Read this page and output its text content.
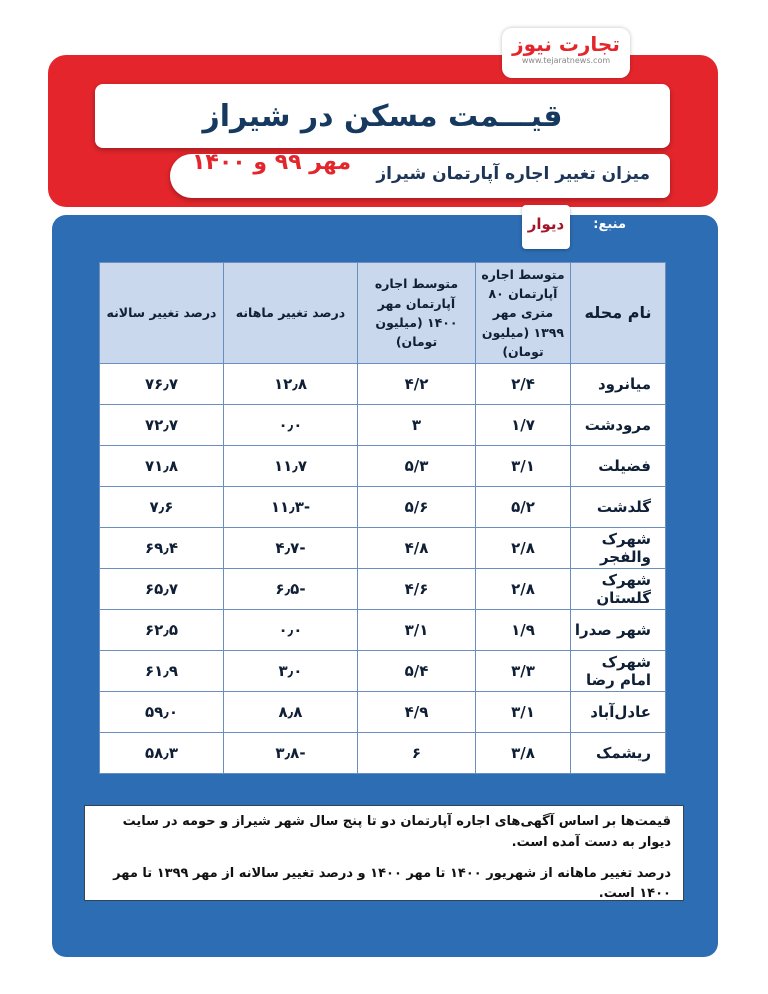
تجارت نیوز
www.tejaratnews.com
قیـــمت مسکن در شیراز
میزان تغییر اجاره آپارتمان شیراز
مهر ۹۹ و ۱۴۰۰
منبع:
دیوار
نام محله	متوسط اجاره آپارتمان ۸۰ متری مهر ۱۳۹۹ (میلیون تومان)	متوسط اجاره آپارتمان مهر ۱۴۰۰ (میلیون تومان)	درصد تغییر ماهانه	درصد تغییر سالانه
میانرود	۲/۴	۴/۲	۱۲٫۸	۷۶٫۷
مرودشت	۱/۷	۳	۰٫۰	۷۲٫۷
فضیلت	۳/۱	۵/۳	۱۱٫۷	۷۱٫۸
گلدشت	۵/۲	۵/۶	-۱۱٫۳	۷٫۶
شهرک والفجر	۲/۸	۴/۸	-۴٫۷	۶۹٫۴
شهرک گلستان	۲/۸	۴/۶	-۶٫۵	۶۵٫۷
شهر صدرا	۱/۹	۳/۱	۰٫۰	۶۲٫۵
شهرک امام رضا	۳/۳	۵/۴	۳٫۰	۶۱٫۹
عادل‌آباد	۳/۱	۴/۹	۸٫۸	۵۹٫۰
ریشمک	۳/۸	۶	-۳٫۸	۵۸٫۳

قیمت‌ها بر اساس آگهی‌های اجاره آپارتمان دو تا پنج سال شهر شیراز و حومه در سایت دیوار به دست آمده است.

درصد تغییر ماهانه از شهریور ۱۴۰۰ تا مهر ۱۴۰۰ و درصد تغییر سالانه از مهر ۱۳۹۹ تا مهر ۱۴۰۰ است.
